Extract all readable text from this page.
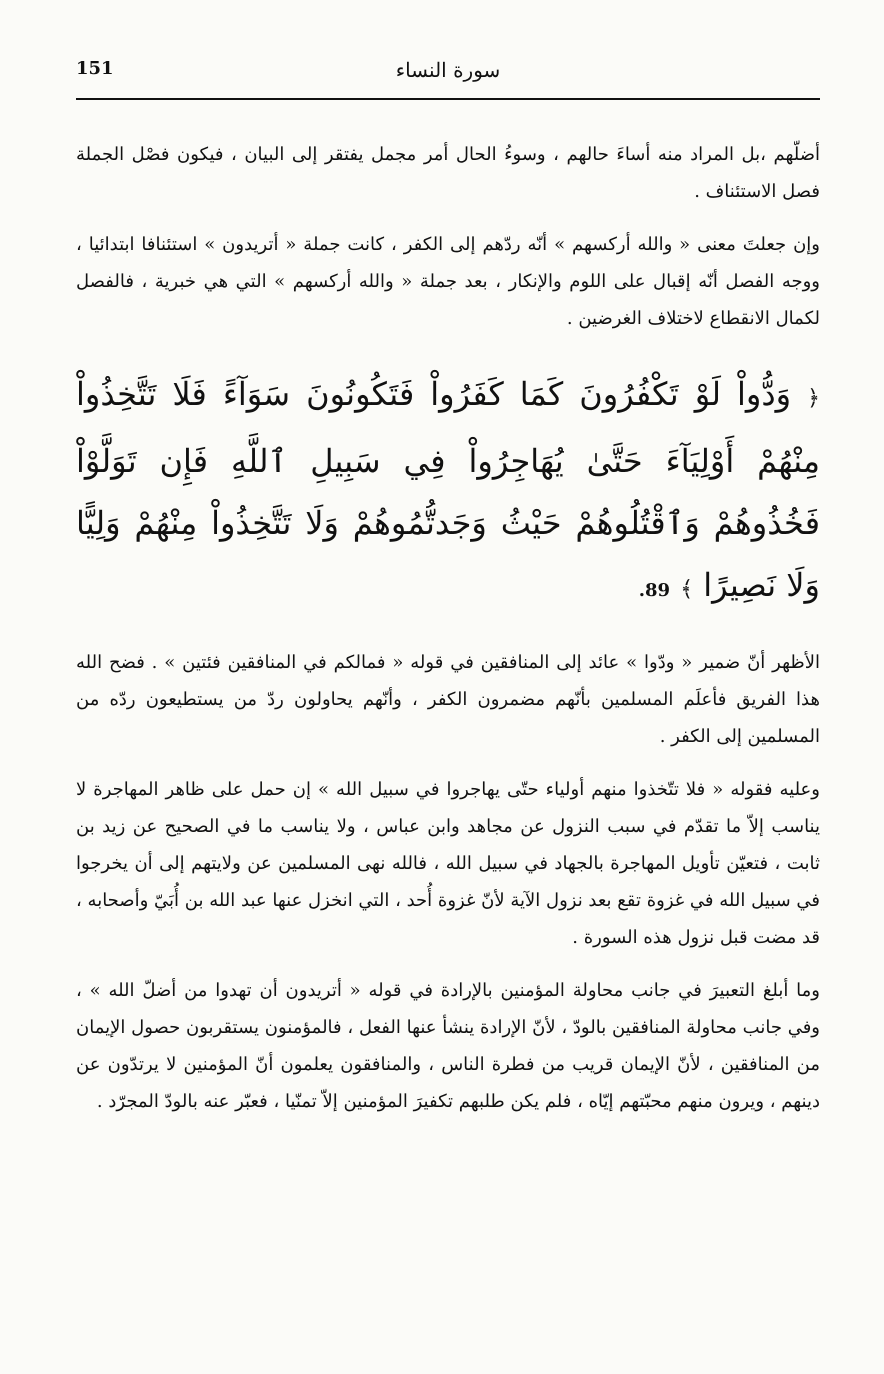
151	سورة النساء

أضلّهم ،بل المراد منه أساءَ حالهم ، وسوءُ الحال أمر مجمل يفتقر إلى البيان ، فيكون فصْل الجملة فصل الاستئناف .

وإن جعلتَ معنى « والله أركسهم » أنّه ردّهم إلى الكفر ، كانت جملة « أتريدون » استئنافا ابتدائيا ، ووجه الفصل أنّه إقبال على اللوم والإنكار ، بعد جملة « والله أركسهم » التي هي خبرية ، فالفصل لكمال الانقطاع لاختلاف الغرضين .

﴿ وَدُّواْ لَوْ تَكْفُرُونَ كَمَا كَفَرُواْ فَتَكُونُونَ سَوَآءً فَلَا تَتَّخِذُواْ مِنْهُمْ أَوْلِيَآءَ حَتَّىٰ يُهَاجِرُواْ فِي سَبِيلِ ٱللَّهِ فَإِن تَوَلَّوْاْ فَخُذُوهُمْ وَٱقْتُلُوهُمْ حَيْثُ وَجَدتُّمُوهُمْ وَلَا تَتَّخِذُواْ مِنْهُمْ وَلِيًّا وَلَا نَصِيرًا ﴾ 89.

الأظهر أنّ ضمير « ودّوا » عائد إلى المنافقين في قوله « فمالكم في المنافقين فئتين » . فضح الله هذا الفريق فأعلَم المسلمين بأنّهم مضمرون الكفر ، وأنّهم يحاولون ردّ من يستطيعون ردّه من المسلمين إلى الكفر .

وعليه فقوله « فلا تتّخذوا منهم أولياء حتّى يهاجروا في سبيل الله » إن حمل على ظاهر المهاجرة لا يناسب إلاّ ما تقدّم في سبب النزول عن مجاهد وابن عباس ، ولا يناسب ما في الصحيح عن زيد بن ثابت ، فتعيّن تأويل المهاجرة بالجهاد في سبيل الله ، فالله نهى المسلمين عن ولايتهم إلى أن يخرجوا في سبيل الله في غزوة تقع بعد نزول الآية لأنّ غزوة أُحد ، التي انخزل عنها عبد الله بن أُبَيّ وأصحابه ، قد مضت قبل نزول هذه السورة .

وما أبلغ التعبيرَ في جانب محاولة المؤمنين بالإرادة في قوله « أتريدون أن تهدوا من أضلّ الله » ، وفي جانب محاولة المنافقين بالودّ ، لأنّ الإرادة ينشأ عنها الفعل ، فالمؤمنون يستقربون حصول الإيمان من المنافقين ، لأنّ الإيمان قريب من فطرة الناس ، والمنافقون يعلمون أنّ المؤمنين لا يرتدّون عن دينهم ، ويرون منهم محبّتهم إيّاه ، فلم يكن طلبهم تكفيرَ المؤمنين إلاّ تمنّيا ، فعبّر عنه بالودّ المجرّد .
